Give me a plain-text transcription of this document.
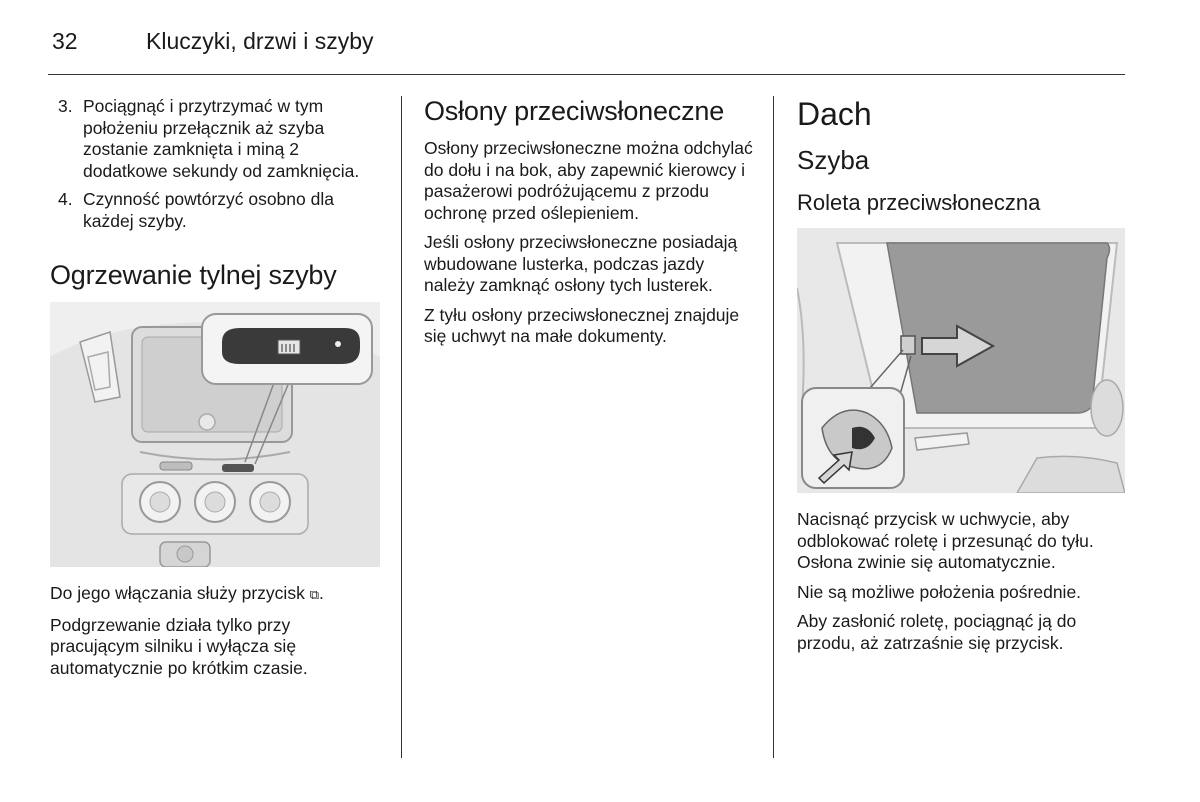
32	Kluczyki, drzwi i szyby
3. Pociągnąć i przytrzymać w tym położeniu przełącznik aż szyba zostanie zamknięta i miną 2 dodatkowe sekundy od zamknięcia.
4. Czynność powtórzyć osobno dla każdej szyby.
Ogrzewanie tylnej szyby

Do jego włączania służy przycisk ⧉.

Podgrzewanie działa tylko przy pracującym silniku i wyłącza się automatycznie po krótkim czasie.

Osłony przeciwsłoneczne

Osłony przeciwsłoneczne można odchylać do dołu i na bok, aby zapewnić kierowcy i pasażerowi podróżującemu z przodu ochronę przed oślepieniem.

Jeśli osłony przeciwsłoneczne posiadają wbudowane lusterka, podczas jazdy należy zamknąć osłony tych lusterek.

Z tyłu osłony przeciwsłonecznej znajduje się uchwyt na małe dokumenty.

Dach
Szyba
Roleta przeciwsłoneczna

Nacisnąć przycisk w uchwycie, aby odblokować roletę i przesunąć do tyłu. Osłona zwinie się automatycznie.

Nie są możliwe położenia pośrednie.

Aby zasłonić roletę, pociągnąć ją do przodu, aż zatrzaśnie się przycisk.
